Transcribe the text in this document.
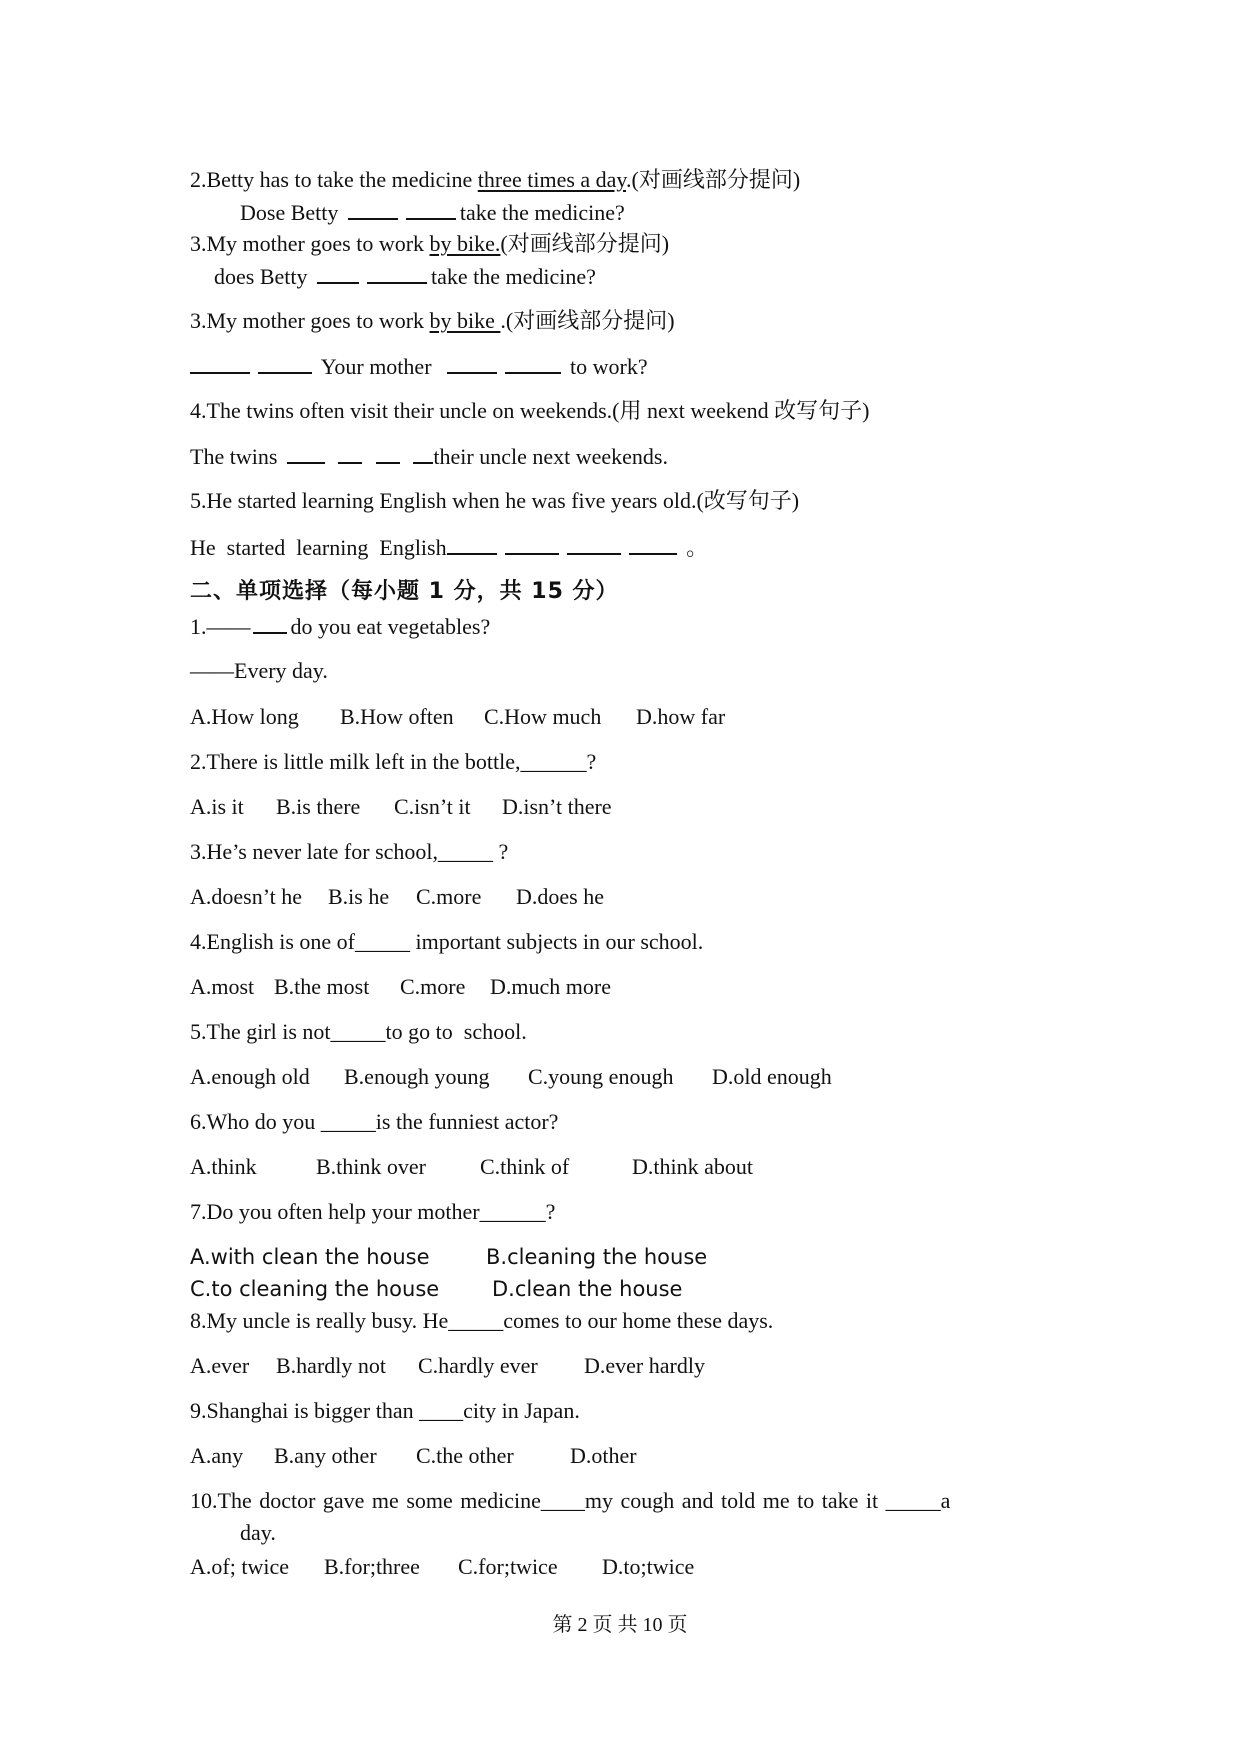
2.Betty has to take the medicine three times a day.(对画线部分提问)
Dose Betty	take the medicine?
3.My mother goes to work by bike.(对画线部分提问)
does Betty	take the medicine?
3.My mother goes to work by bike .(对画线部分提问)
Your mother	to work?
4.The twins often visit their uncle on weekends.(用 next weekend 改写句子)
The twins	their uncle next weekends.
5.He started learning English when he was five years old.(改写句子)
He  started  learning  English	。
二、单项选择（每小题 1 分，共 15 分）
1.—— do you eat vegetables?
——Every day.
A.How long B.How often C.How much D.how far
2.There is little milk left in the bottle,______?
A.is it B.is there C.isn’t it D.isn’t there
3.He’s never late for school,_____ ?
A.doesn’t he B.is he C.more D.does he
4.English is one of_____ important subjects in our school.
A.most B.the most C.more D.much more
5.The girl is not_____to go to  school.
A.enough old B.enough young C.young enough D.old enough
6.Who do you _____is the funniest actor?
A.think	B.think over C.think of	D.think about
7.Do you often help your mother______?
A.with clean the house	B.cleaning the house
C.to cleaning the house	D.clean the house
8.My uncle is really busy. He_____comes to our home these days.
A.ever B.hardly not C.hardly ever D.ever hardly
9.Shanghai is bigger than ____city in Japan.
A.any B.any other C.the other	D.other
10.The doctor gave me some medicine____my cough and told me to take it _____a
day.
A.of; twice B.for;three C.for;twice D.to;twice
第 2 页 共 10 页
